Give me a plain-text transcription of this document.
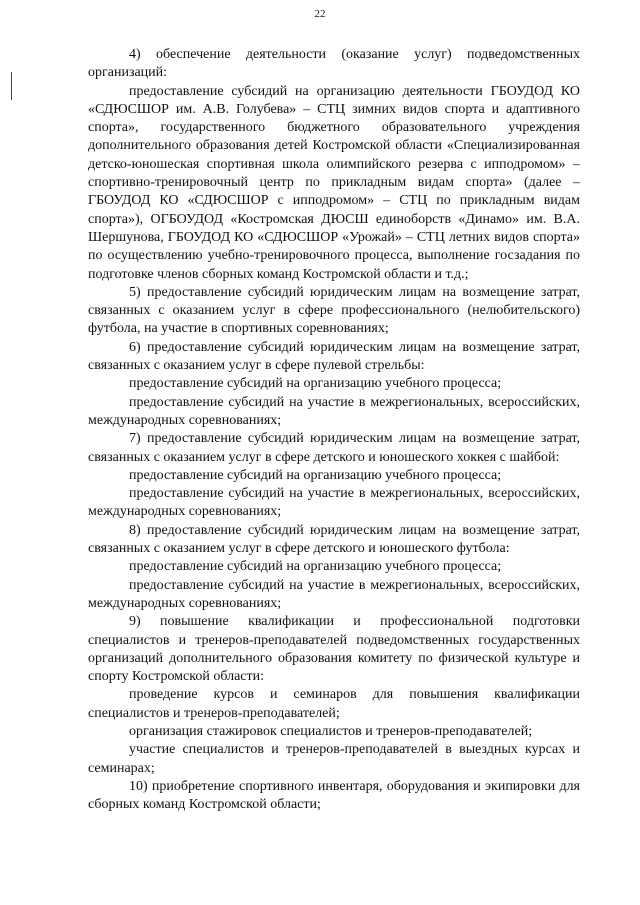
22

4) обеспечение деятельности (оказание услуг) подведомственных организаций:

предоставление субсидий на организацию деятельности ГБОУДОД КО «СДЮСШОР им. А.В. Голубева» – СТЦ зимних видов спорта и адаптивного спорта», государственного бюджетного образовательного учреждения дополнительного образования детей Костромской области «Специализированная детско-юношеская спортивная школа олимпийского резерва с ипподромом» – спортивно-тренировочный центр по прикладным видам спорта» (далее – ГБОУДОД КО «СДЮСШОР с ипподромом» – СТЦ по прикладным видам спорта»), ОГБОУДОД «Костромская ДЮСШ единоборств «Динамо» им. В.А. Шершунова, ГБОУДОД КО «СДЮСШОР «Урожай» – СТЦ летних видов спорта» по осуществлению учебно-тренировочного процесса, выполнение госзадания по подготовке членов сборных команд Костромской области и т.д.;

5) предоставление субсидий юридическим лицам на возмещение затрат, связанных с оказанием услуг в сфере профессионального (нелюбительского) футбола, на участие в спортивных соревнованиях;

6) предоставление субсидий юридическим лицам на возмещение затрат, связанных с оказанием услуг в сфере пулевой стрельбы:

предоставление субсидий на организацию учебного процесса;

предоставление субсидий на участие в межрегиональных, всероссийских, международных соревнованиях;

7) предоставление субсидий юридическим лицам на возмещение затрат, связанных с оказанием услуг в сфере детского и юношеского хоккея с шайбой:

предоставление субсидий на организацию учебного процесса;

предоставление субсидий на участие в межрегиональных, всероссийских, международных соревнованиях;

8) предоставление субсидий юридическим лицам на возмещение затрат, связанных с оказанием услуг в сфере детского и юношеского футбола:

предоставление субсидий на организацию учебного процесса;

предоставление субсидий на участие в межрегиональных, всероссийских, международных соревнованиях;

9) повышение квалификации и профессиональной подготовки специалистов и тренеров-преподавателей подведомственных государственных организаций дополнительного образования комитету по физической культуре и спорту Костромской области:

проведение курсов и семинаров для повышения квалификации специалистов и тренеров-преподавателей;

организация стажировок специалистов и тренеров-преподавателей;

участие специалистов и тренеров-преподавателей в выездных курсах и семинарах;

10) приобретение спортивного инвентаря, оборудования и экипировки для сборных команд Костромской области;
